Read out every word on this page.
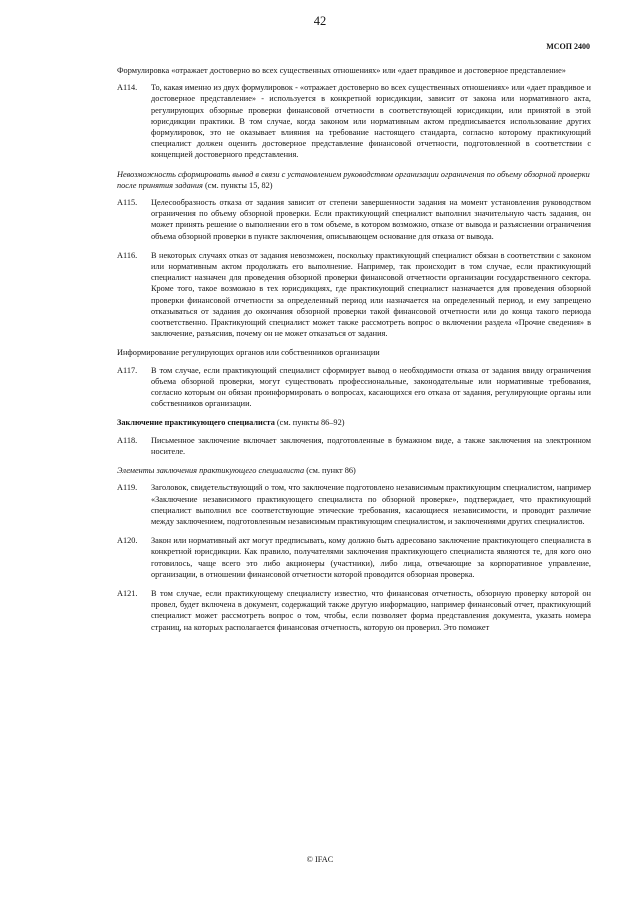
42
МСОП 2400

Формулировка «отражает достоверно во всех существенных отношениях» или «дает правдивое и достоверное представление»

A114.	То, какая именно из двух формулировок - «отражает достоверно во всех существенных отношениях» или «дает правдивое и достоверное представление» - используется в конкретной юрисдикции, зависит от закона или нормативного акта, регулирующих обзорные проверки финансовой отчетности в соответствующей юрисдикции, или принятой в этой юрисдикции практики. В том случае, когда законом или нормативным актом предписывается использование других формулировок, это не оказывает влияния на требование настоящего стандарта, согласно которому практикующий специалист должен оценить достоверное представление финансовой отчетности, подготовленной в соответствии с концепцией достоверного представления.

Невозможность сформировать вывод в связи с установлением руководством организации ограничения по объему обзорной проверки после принятия задания (см. пункты 15, 82)

A115.	Целесообразность отказа от задания зависит от степени завершенности задания на момент установления руководством ограничения по объему обзорной проверки. Если практикующий специалист выполнил значительную часть задания, он может принять решение о выполнении его в том объеме, в котором возможно, отказе от вывода и разъяснении ограничения объема обзорной проверки в пункте заключения, описывающем основание для отказа от вывода.
A116.	В некоторых случаях отказ от задания невозможен, поскольку практикующий специалист обязан в соответствии с законом или нормативным актом продолжать его выполнение. Например, так происходит в том случае, если практикующий специалист назначен для проведения обзорной проверки финансовой отчетности организации государственного сектора. Кроме того, такое возможно в тех юрисдикциях, где практикующий специалист назначается для проведения обзорной проверки финансовой отчетности за определенный период или назначается на определенный период, и ему запрещено отказываться от задания до окончания обзорной проверки такой финансовой отчетности или до конца такого периода соответственно. Практикующий специалист может также рассмотреть вопрос о включении раздела «Прочие сведения» в заключение, разъяснив, почему он не может отказаться от задания.

Информирование регулирующих органов или собственников организации

A117.	В том случае, если практикующий специалист сформирует вывод о необходимости отказа от задания ввиду ограничения объема обзорной проверки, могут существовать профессиональные, законодательные или нормативные требования, согласно которым он обязан проинформировать о вопросах, касающихся его отказа от задания, регулирующие органы или собственников организации.

Заключение практикующего специалиста (см. пункты 86–92)

A118.	Письменное заключение включает заключения, подготовленные в бумажном виде, а также заключения на электронном носителе.

Элементы заключения практикующего специалиста (см. пункт 86)

A119.	Заголовок, свидетельствующий о том, что заключение подготовлено независимым практикующим специалистом, например «Заключение независимого практикующего специалиста по обзорной проверке», подтверждает, что практикующий специалист выполнил все соответствующие этические требования, касающиеся независимости, и проводит различие между заключением, подготовленным независимым практикующим специалистом, и заключениями других специалистов.
A120.	Закон или нормативный акт могут предписывать, кому должно быть адресовано заключение практикующего специалиста в конкретной юрисдикции. Как правило, получателями заключения практикующего специалиста являются те, для кого оно готовилось, чаще всего это либо акционеры (участники), либо лица, отвечающие за корпоративное управление, организации, в отношении финансовой отчетности которой проводится обзорная проверка.
A121.	В том случае, если практикующему специалисту известно, что финансовая отчетность, обзорную проверку которой он провел, будет включена в документ, содержащий также другую информацию, например финансовый отчет, практикующий специалист может рассмотреть вопрос о том, чтобы, если позволяет форма представления документа, указать номера страниц, на которых располагается финансовая отчетность, которую он проверил. Это поможет
© IFAC
